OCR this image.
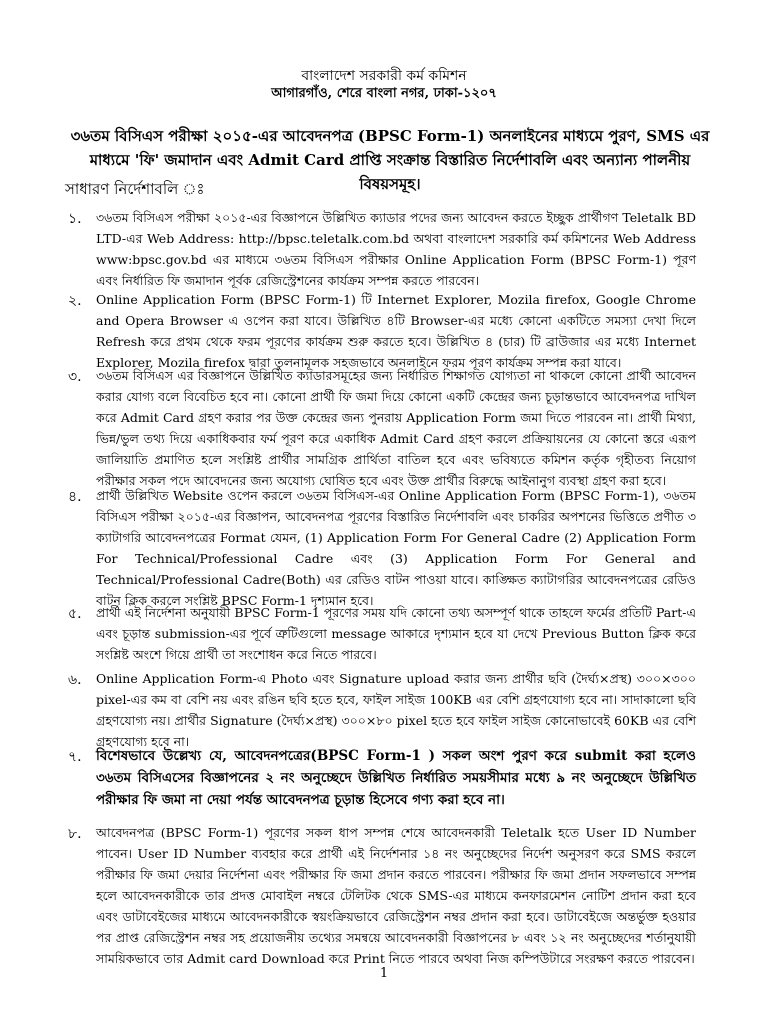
বাংলাদেশ সরকারী কর্ম কমিশন
আগারগাঁও, শেরে বাংলা নগর, ঢাকা-১২০৭
৩৬তম বিসিএস পরীক্ষা ২০১৫-এর আবেদনপত্র (BPSC Form-1) অনলাইনের মাধ্যমে পুরণ, SMS এর মাধ্যমে 'ফি' জমাদান এবং Admit Card প্রাপ্তি সংক্রান্ত বিস্তারিত নির্দেশাবলি এবং অন্যান্য পালনীয় বিষয়সমূহ।
সাধারণ নির্দেশাবলি ঃ
১. ৩৬তম বিসিএস পরীক্ষা ২০১৫-এর বিজ্ঞাপনে উল্লিখিত ক্যাডার পদের জন্য আবেদন করতে ইচ্ছুক প্রার্থীগণ Teletalk BD LTD-এর Web Address: http://bpsc.teletalk.com.bd অথবা বাংলাদেশ সরকারি কর্ম কমিশনের Web Address www:bpsc.gov.bd এর মাধ্যমে ৩৬তম বিসিএস পরীক্ষার Online Application Form (BPSC Form-1) পূরণ এবং নির্ধারিত ফি জমাদান পূর্বক রেজিস্ট্রেশনের কার্যক্রম সম্পন্ন করতে পারবেন।
২. Online Application Form (BPSC Form-1) টি Internet Explorer, Mozila firefox, Google Chrome and Opera Browser এ ওপেন করা যাবে। উল্লিখিত ৪টি Browser-এর মধ্যে কোনো একটিতে সমস্যা দেখা দিলে Refresh করে প্রথম থেকে ফরম পূরণের কার্যক্রম শুরু করতে হবে। উল্লিখিত ৪ (চার) টি ব্রাউজার এর মধ্যে Internet Explorer, Mozila firefox দ্বারা তুলনামূলক সহজভাবে অনলাইনে ফরম পূরণ কার্যক্রম সম্পন্ন করা যাবে।
৩. ৩৬তম বিসিএস এর বিজ্ঞাপনে উল্লিখিত ক্যাডারসমূহের জন্য নির্ধারিত শিক্ষাগত যোগ্যতা না থাকলে কোনো প্রার্থী আবেদন করার যোগ্য বলে বিবেচিত হবে না। কোনো প্রার্থী ফি জমা দিয়ে কোনো একটি কেন্দ্রের জন্য চূড়ান্তভাবে আবেদনপত্র দাখিল করে Admit Card গ্রহণ করার পর উক্ত কেন্দ্রের জন্য পুনরায় Application Form জমা দিতে পারবেন না। প্রার্থী মিথ্যা, ভিন্ন/ভুল তথ্য দিয়ে একাধিকবার ফর্ম পূরণ করে একাধিক Admit Card গ্রহণ করলে প্রক্রিয়ায়নের যে কোনো স্তরে এরূপ জালিয়াতি প্রমাণিত হলে সংশ্লিষ্ট প্রার্থীর সামগ্রিক প্রার্থিতা বাতিল হবে এবং ভবিষ্যতে কমিশন কর্তৃক গৃহীতব্য নিয়োগ পরীক্ষার সকল পদে আবেদনের জন্য অযোগ্য ঘোষিত হবে এবং উক্ত প্রার্থীর বিরুদ্ধে আইনানুগ ব্যবস্থা গ্রহণ করা হবে।
৪. প্রার্থী উল্লিখিত Website ওপেন করলে ৩৬তম বিসিএস-এর Online Application Form (BPSC Form-1), ৩৬তম বিসিএস পরীক্ষা ২০১৫-এর বিজ্ঞাপন, আবেদনপত্র পূরণের বিস্তারিত নির্দেশাবলি এবং চাকরির অপশনের ভিত্তিতে প্রণীত ৩ ক্যাটাগরি আবেদনপত্রের Format যেমন, (1) Application Form For General Cadre (2) Application Form For Technical/Professional Cadre এবং (3) Application Form For General and Technical/Professional Cadre(Both) এর রেডিও বাটন পাওয়া যাবে। কাঙ্ক্ষিত ক্যাটাগরির আবেদনপত্রের রেডিও বাটন ক্লিক করলে সংশ্লিষ্ট BPSC Form-1 দৃশ্যমান হবে।
৫. প্রার্থী এই নির্দেশনা অনুযায়ী BPSC Form-1 পূরণের সময় যদি কোনো তথ্য অসম্পূর্ণ থাকে তাহলে ফর্মের প্রতিটি Part-এ এবং চূড়ান্ত submission-এর পূর্বে ত্রুটিগুলো message আকারে দৃশ্যমান হবে যা দেখে Previous Button ক্লিক করে সংশ্লিষ্ট অংশে গিয়ে প্রার্থী তা সংশোধন করে নিতে পারবে।
৬. Online Application Form-এ Photo এবং Signature upload করার জন্য প্রার্থীর ছবি (দৈর্ঘ্য×প্রস্থ) ৩০০×৩০০ pixel-এর কম বা বেশি নয় এবং রঙিন ছবি হতে হবে, ফাইল সাইজ 100KB এর বেশি গ্রহণযোগ্য হবে না। সাদাকালো ছবি গ্রহণযোগ্য নয়। প্রার্থীর Signature (দৈর্ঘ্য×প্রস্থ) ৩০০×৮০ pixel হতে হবে ফাইল সাইজ কোনোভাবেই 60KB এর বেশি গ্রহণযোগ্য হবে না।
৭. বিশেষভাবে উল্লেখ্য যে, আবেদনপত্রের(BPSC Form-1 ) সকল অংশ পুরণ করে submit করা হলেও ৩৬তম বিসিএসের বিজ্ঞাপনের ২ নং অনুচ্ছেদে উল্লিখিত নির্ধারিত সময়সীমার মধ্যে ৯ নং অনুচ্ছেদে উল্লিখিত পরীক্ষার ফি জমা না দেয়া পর্যন্ত আবেদনপত্র চূড়ান্ত হিসেবে গণ্য করা হবে না।
৮. আবেদনপত্র (BPSC Form-1) পূরণের সকল ধাপ সম্পন্ন শেষে আবেদনকারী Teletalk হতে User ID Number পাবেন। User ID Number ব্যবহার করে প্রার্থী এই নির্দেশনার ১৪ নং অনুচ্ছেদের নির্দেশ অনুসরণ করে SMS করলে পরীক্ষার ফি জমা দেয়ার নির্দেশনা এবং পরীক্ষার ফি জমা প্রদান করতে পারবেন। পরীক্ষার ফি জমা প্রদান সফলভাবে সম্পন্ন হলে আবেদনকারীকে তার প্রদত্ত মোবাইল নম্বরে টেলিটক থেকে SMS-এর মাধ্যমে কনফারমেশন নোটিশ প্রদান করা হবে এবং ডাটাবেইজের মাধ্যমে আবেদনকারীকে স্বয়ংক্রিয়ভাবে রেজিস্ট্রেশন নম্বর প্রদান করা হবে। ডাটাবেইজে অন্তর্ভুক্ত হওয়ার পর প্রাপ্ত রেজিস্ট্রেশন নম্বর সহ প্রয়োজনীয় তথ্যের সমন্বয়ে আবেদনকারী বিজ্ঞাপনের ৮ এবং ১২ নং অনুচ্ছেদের শর্তানুযায়ী সাময়িকভাবে তার Admit card Download করে Print নিতে পারবে অথবা নিজ কম্পিউটারে সংরক্ষণ করতে পারবেন।
1
